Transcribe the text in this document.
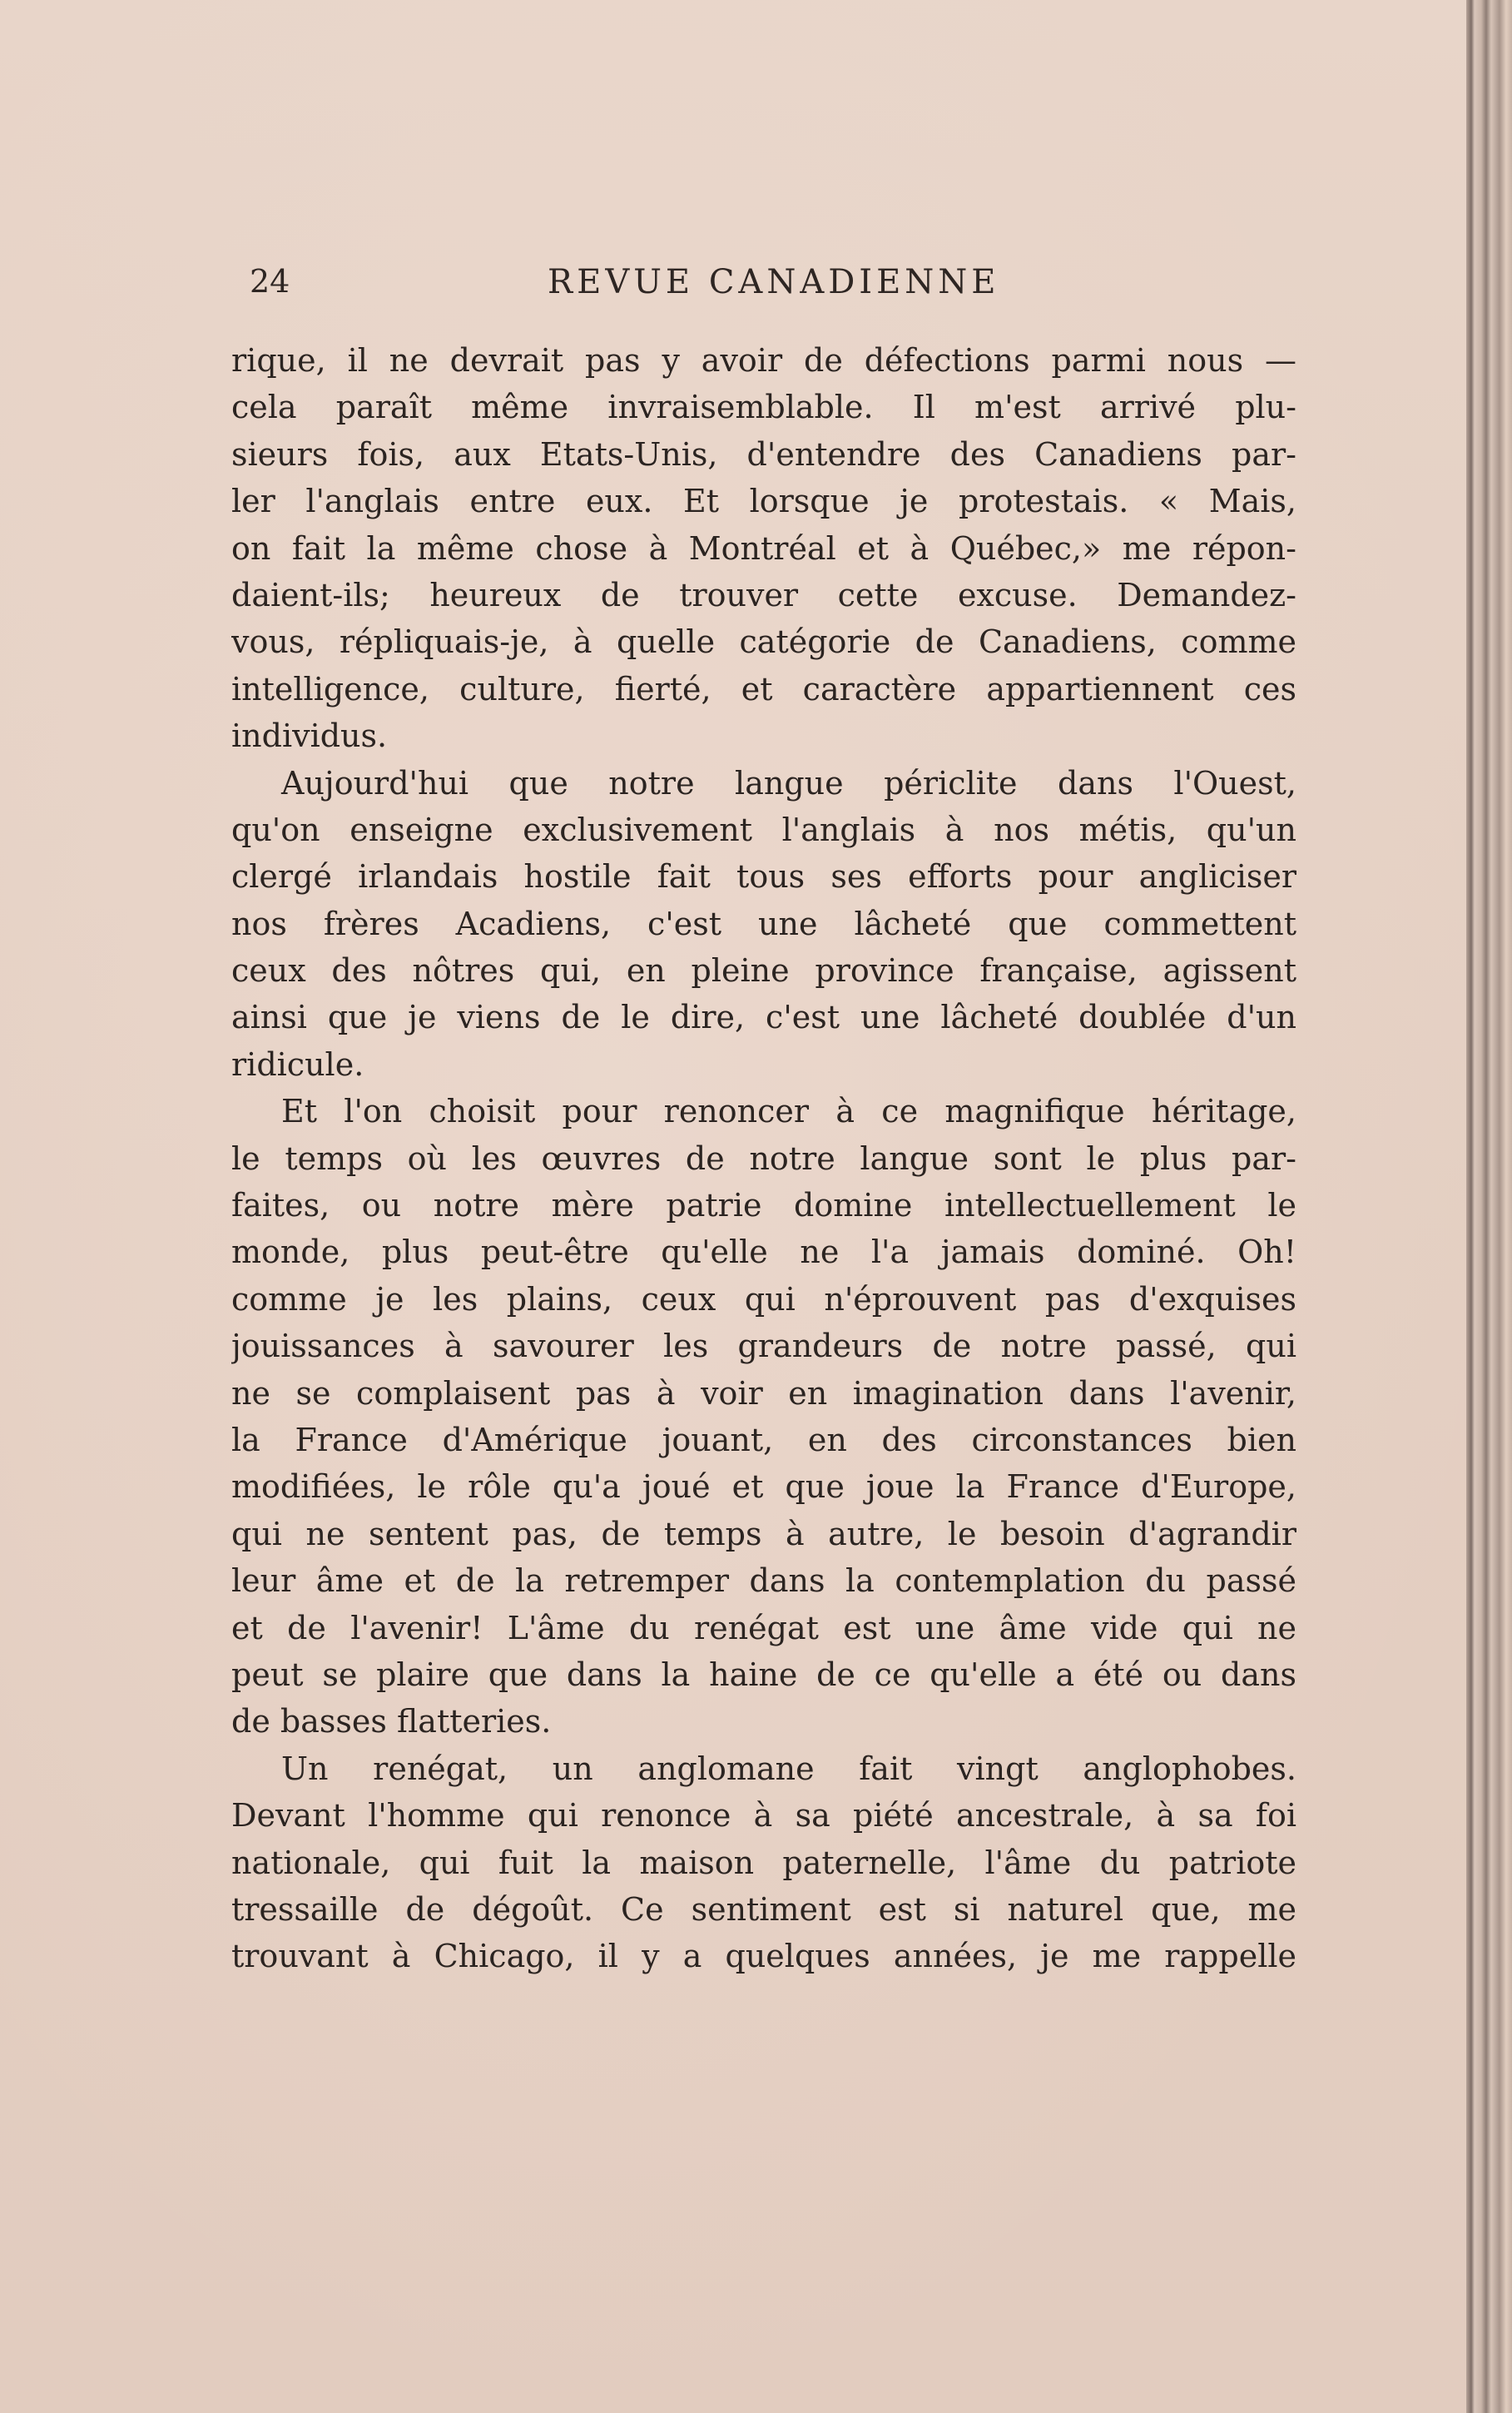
24	REVUE CANADIENNE
rique, il ne devrait pas y avoir de défections parmi nous —
cela paraît même invraisemblable. Il m'est arrivé plu-
sieurs fois, aux Etats-Unis, d'entendre des Canadiens par-
ler l'anglais entre eux. Et lorsque je protestais. « Mais,
on fait la même chose à Montréal et à Québec,» me répon-
daient-ils; heureux de trouver cette excuse. Demandez-
vous, répliquais-je, à quelle catégorie de Canadiens, comme
intelligence, culture, fierté, et caractère appartiennent ces
individus.
Aujourd'hui que notre langue périclite dans l'Ouest,
qu'on enseigne exclusivement l'anglais à nos métis, qu'un
clergé irlandais hostile fait tous ses efforts pour angliciser
nos frères Acadiens, c'est une lâcheté que commettent
ceux des nôtres qui, en pleine province française, agissent
ainsi que je viens de le dire, c'est une lâcheté doublée d'un
ridicule.
Et l'on choisit pour renoncer à ce magnifique héritage,
le temps où les œuvres de notre langue sont le plus par-
faites, ou notre mère patrie domine intellectuellement le
monde, plus peut-être qu'elle ne l'a jamais dominé. Oh!
comme je les plains, ceux qui n'éprouvent pas d'exquises
jouissances à savourer les grandeurs de notre passé, qui
ne se complaisent pas à voir en imagination dans l'avenir,
la France d'Amérique jouant, en des circonstances bien
modifiées, le rôle qu'a joué et que joue la France d'Europe,
qui ne sentent pas, de temps à autre, le besoin d'agrandir
leur âme et de la retremper dans la contemplation du passé
et de l'avenir! L'âme du renégat est une âme vide qui ne
peut se plaire que dans la haine de ce qu'elle a été ou dans
de basses flatteries.
Un renégat, un anglomane fait vingt anglophobes.
Devant l'homme qui renonce à sa piété ancestrale, à sa foi
nationale, qui fuit la maison paternelle, l'âme du patriote
tressaille de dégoût. Ce sentiment est si naturel que, me
trouvant à Chicago, il y a quelques années, je me rappelle
